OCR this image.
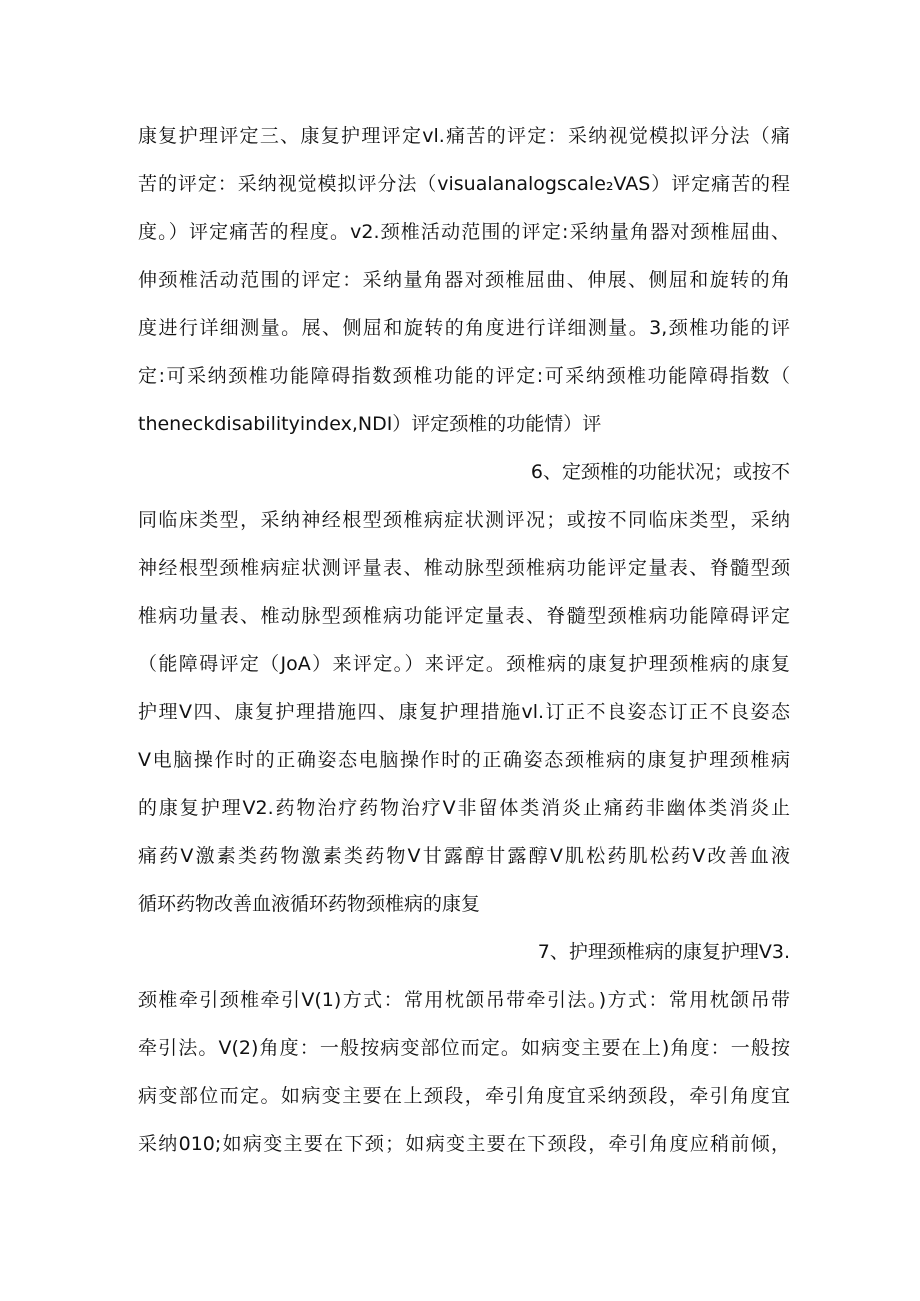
康复护理评定三、康复护理评定vl.痛苦的评定：采纳视觉模拟评分法（痛
苦的评定：采纳视觉模拟评分法（visualanalogscale₂VAS）评定痛苦的程
度。）评定痛苦的程度。v2.颈椎活动范围的评定:采纳量角器对颈椎屈曲、
伸颈椎活动范围的评定：采纳量角器对颈椎屈曲、伸展、侧屈和旋转的角
度进行详细测量。展、侧屈和旋转的角度进行详细测量。3,颈椎功能的评
定:可采纳颈椎功能障碍指数颈椎功能的评定:可采纳颈椎功能障碍指数（
theneckdisabilityindex,NDI）评定颈椎的功能情）评
6、定颈椎的功能状况；或按不
同临床类型，采纳神经根型颈椎病症状测评况；或按不同临床类型，采纳
神经根型颈椎病症状测评量表、椎动脉型颈椎病功能评定量表、脊髓型颈
椎病功量表、椎动脉型颈椎病功能评定量表、脊髓型颈椎病功能障碍评定
（能障碍评定（JoA）来评定。）来评定。颈椎病的康复护理颈椎病的康复
护理V四、康复护理措施四、康复护理措施vl.订正不良姿态订正不良姿态
V电脑操作时的正确姿态电脑操作时的正确姿态颈椎病的康复护理颈椎病
的康复护理V2.药物治疗药物治疗V非留体类消炎止痛药非幽体类消炎止
痛药V激素类药物激素类药物V甘露醇甘露醇V肌松药肌松药V改善血液
循环药物改善血液循环药物颈椎病的康复
7、护理颈椎病的康复护理V3.
颈椎牵引颈椎牵引V(1)方式：常用枕颌吊带牵引法。)方式：常用枕颌吊带
牵引法。V(2)角度：一般按病变部位而定。如病变主要在上)角度：一般按
病变部位而定。如病变主要在上颈段，牵引角度宜采纳颈段，牵引角度宜
采纳010;如病变主要在下颈；如病变主要在下颈段，牵引角度应稍前倾，
